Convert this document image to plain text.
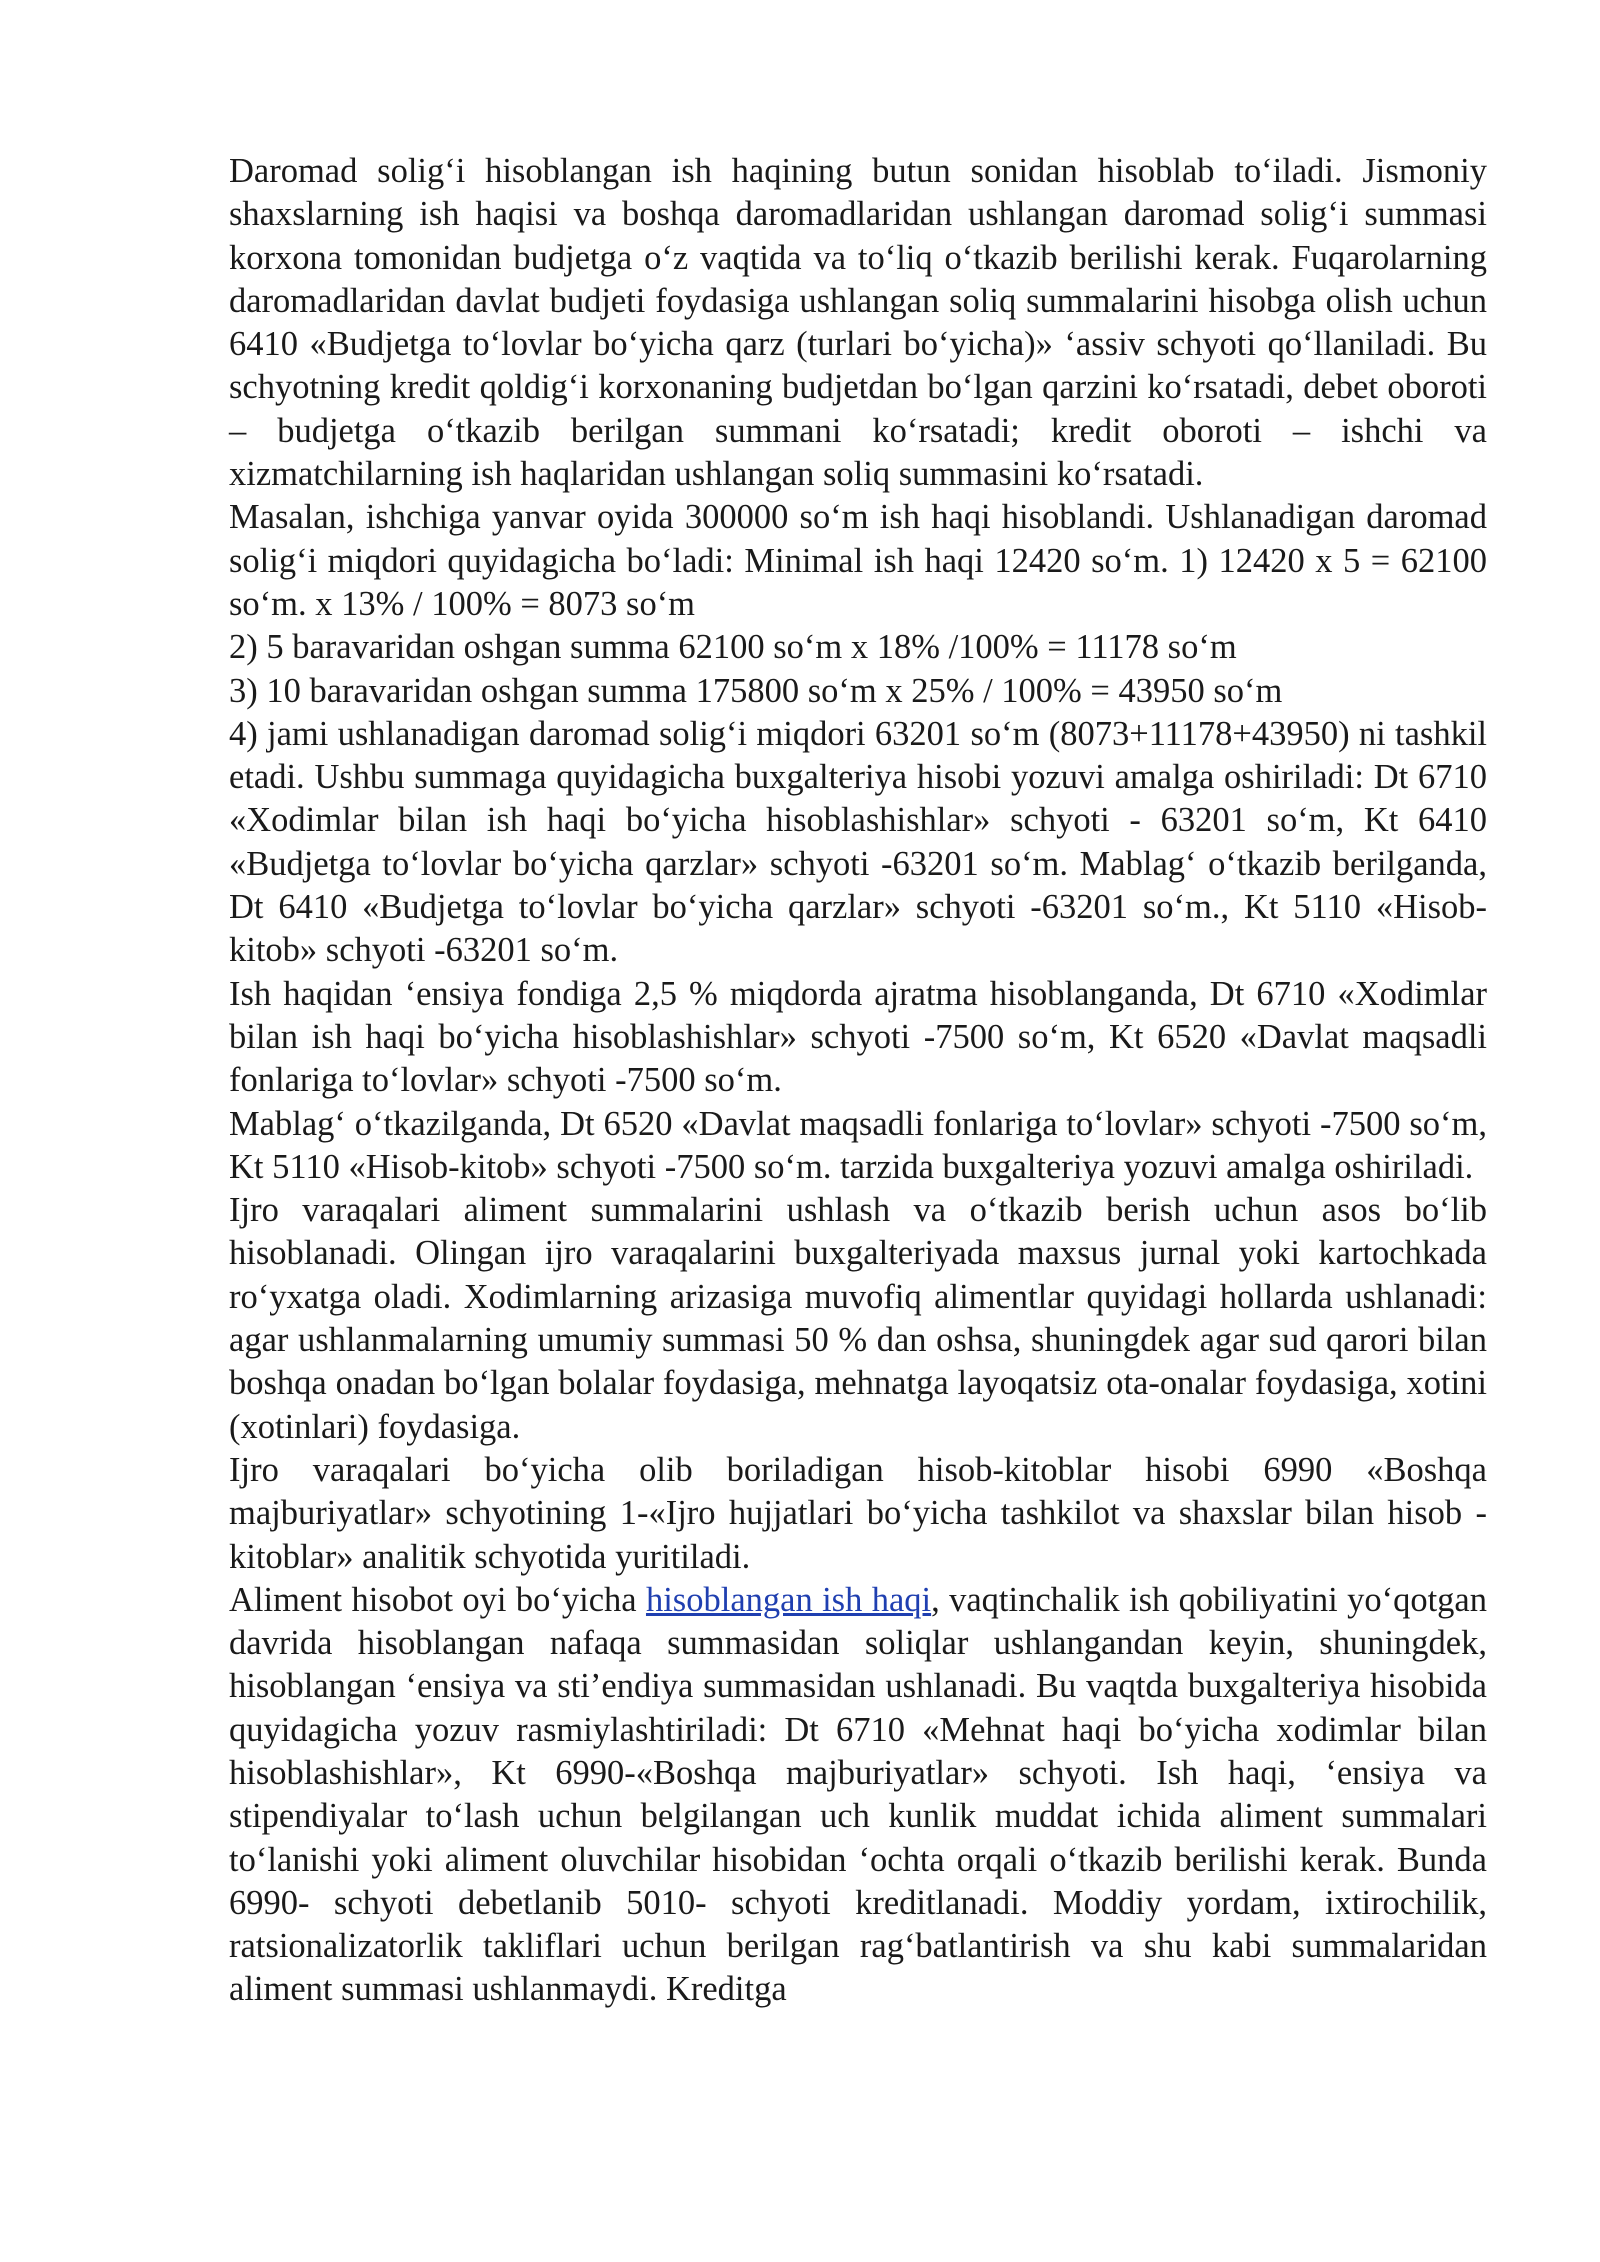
Daromad solig‘i hisoblangan ish haqining butun sonidan hisoblab to‘iladi. Jismoniy shaxslarning ish haqisi va boshqa daromadlaridan ushlangan daromad solig‘i summasi korxona tomonidan budjetga o‘z vaqtida va to‘liq o‘tkazib berilishi kerak. Fuqarolarning daromadlaridan davlat budjeti foydasiga ushlangan soliq summalarini hisobga olish uchun 6410 «Budjetga to‘lovlar bo‘yicha qarz (turlari bo‘yicha)» ‘assiv schyoti qo‘llaniladi. Bu schyotning kredit qoldig‘i korxonaning budjetdan bo‘lgan qarzini ko‘rsatadi, debet oboroti – budjetga o‘tkazib berilgan summani ko‘rsatadi; kredit oboroti – ishchi va xizmatchilarning ish haqlaridan ushlangan soliq summasini ko‘rsatadi.

Masalan, ishchiga yanvar oyida 300000 so‘m ish haqi hisoblandi. Ushlanadigan daromad solig‘i miqdori quyidagicha bo‘ladi: Minimal ish haqi 12420 so‘m. 1) 12420 x 5 = 62100 so‘m. x 13% / 100% = 8073 so‘m

2) 5 baravaridan oshgan summa 62100 so‘m x 18% /100% = 11178 so‘m

3) 10 baravaridan oshgan summa 175800 so‘m x 25% / 100% = 43950 so‘m

4) jami ushlanadigan daromad solig‘i miqdori 63201 so‘m (8073+11178+43950) ni tashkil etadi. Ushbu summaga quyidagicha buxgalteriya hisobi yozuvi amalga oshiriladi: Dt 6710 «Xodimlar bilan ish haqi bo‘yicha hisoblashishlar» schyoti - 63201 so‘m, Kt 6410 «Budjetga to‘lovlar bo‘yicha qarzlar» schyoti -63201 so‘m. Mablag‘ o‘tkazib berilganda, Dt 6410 «Budjetga to‘lovlar bo‘yicha qarzlar» schyoti -63201 so‘m., Kt 5110 «Hisob-kitob» schyoti -63201 so‘m.

Ish haqidan ‘ensiya fondiga 2,5 % miqdorda ajratma hisoblanganda, Dt 6710 «Xodimlar bilan ish haqi bo‘yicha hisoblashishlar» schyoti -7500 so‘m, Kt 6520 «Davlat maqsadli fonlariga to‘lovlar» schyoti -7500 so‘m.

Mablag‘ o‘tkazilganda, Dt 6520 «Davlat maqsadli fonlariga to‘lovlar» schyoti -7500 so‘m, Kt 5110 «Hisob-kitob» schyoti -7500 so‘m. tarzida buxgalteriya yozuvi amalga oshiriladi.

Ijro varaqalari aliment summalarini ushlash va o‘tkazib berish uchun asos bo‘lib hisoblanadi. Olingan ijro varaqalarini buxgalteriyada maxsus jurnal yoki kartochkada ro‘yxatga oladi. Xodimlarning arizasiga muvofiq alimentlar quyidagi hollarda ushlanadi: agar ushlanmalarning umumiy summasi 50 % dan oshsa, shuningdek agar sud qarori bilan boshqa onadan bo‘lgan bolalar foydasiga, mehnatga layoqatsiz ota-onalar foydasiga, xotini (xotinlari) foydasiga.

Ijro varaqalari bo‘yicha olib boriladigan hisob-kitoblar hisobi 6990 «Boshqa majburiyatlar» schyotining 1-«Ijro hujjatlari bo‘yicha tashkilot va shaxslar bilan hisob - kitoblar» analitik schyotida yuritiladi.

Aliment hisobot oyi bo‘yicha hisoblangan ish haqi, vaqtinchalik ish qobiliyatini yo‘qotgan davrida hisoblangan nafaqa summasidan soliqlar ushlangandan keyin, shuningdek, hisoblangan ‘ensiya va sti’endiya summasidan ushlanadi. Bu vaqtda buxgalteriya hisobida quyidagicha yozuv rasmiylashtiriladi: Dt 6710 «Mehnat haqi bo‘yicha xodimlar bilan hisoblashishlar», Kt 6990-«Boshqa majburiyatlar» schyoti. Ish haqi, ‘ensiya va stipendiyalar to‘lash uchun belgilangan uch kunlik muddat ichida aliment summalari to‘lanishi yoki aliment oluvchilar hisobidan ‘ochta orqali o‘tkazib berilishi kerak. Bunda 6990- schyoti debetlanib 5010- schyoti kreditlanadi. Moddiy yordam, ixtirochilik, ratsionalizatorlik takliflari uchun berilgan rag‘batlantirish va shu kabi summalaridan aliment summasi ushlanmaydi. Kreditga
